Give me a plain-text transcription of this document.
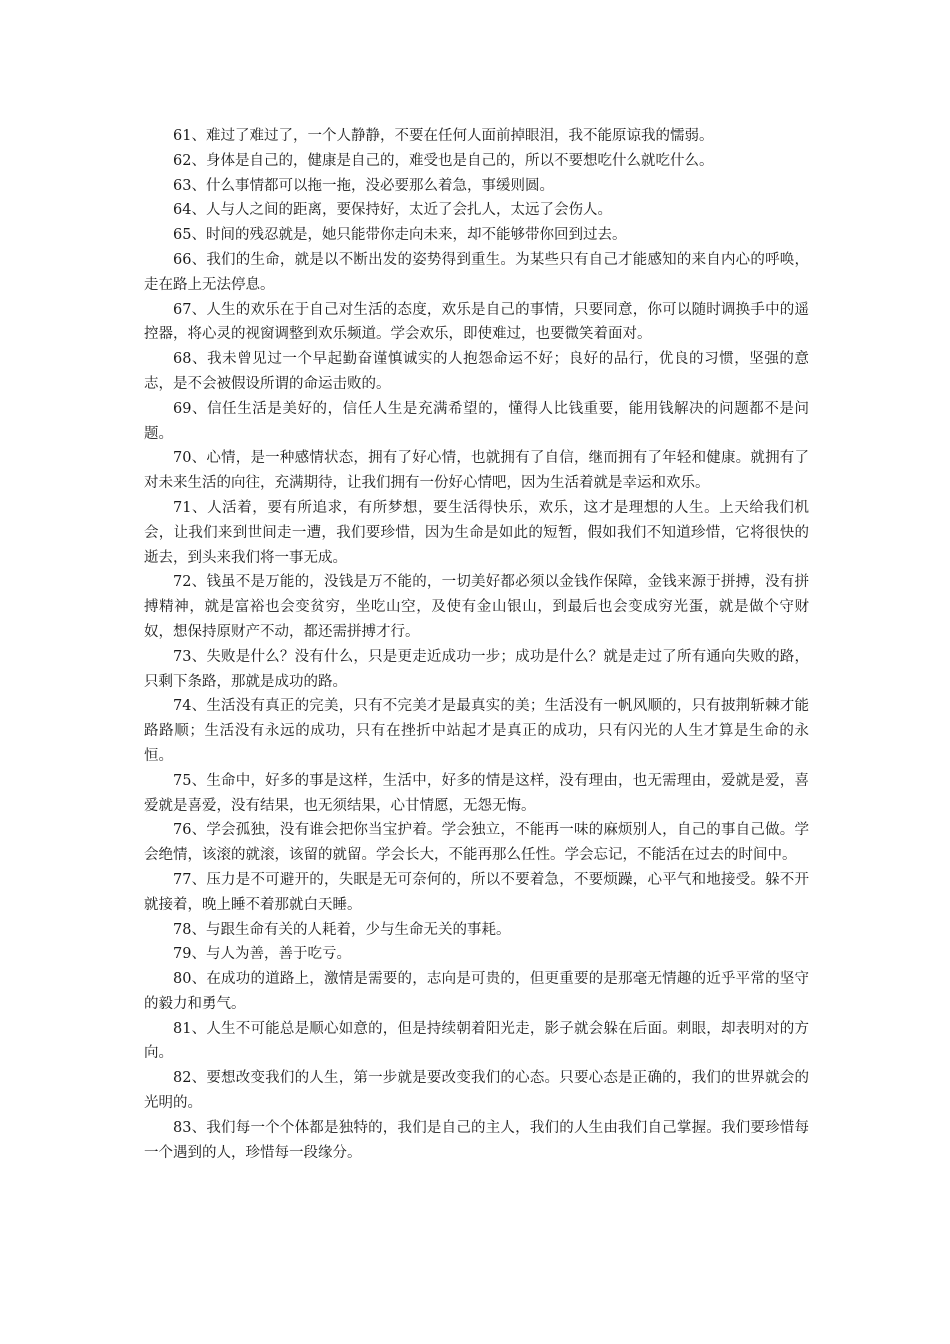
61、难过了难过了，一个人静静，不要在任何人面前掉眼泪，我不能原谅我的懦弱。

62、身体是自己的，健康是自己的，难受也是自己的，所以不要想吃什么就吃什么。

63、什么事情都可以拖一拖，没必要那么着急，事缓则圆。

64、人与人之间的距离，要保持好，太近了会扎人，太远了会伤人。

65、时间的残忍就是，她只能带你走向未来，却不能够带你回到过去。

66、我们的生命，就是以不断出发的姿势得到重生。为某些只有自己才能感知的来自内心的呼唤，走在路上无法停息。

67、人生的欢乐在于自己对生活的态度，欢乐是自己的事情，只要同意，你可以随时调换手中的遥控器，将心灵的视窗调整到欢乐频道。学会欢乐，即使难过，也要微笑着面对。

68、我未曾见过一个早起勤奋谨慎诚实的人抱怨命运不好；良好的品行，优良的习惯，坚强的意志，是不会被假设所谓的命运击败的。

69、信任生活是美好的，信任人生是充满希望的，懂得人比钱重要，能用钱解决的问题都不是问题。

70、心情，是一种感情状态，拥有了好心情，也就拥有了自信，继而拥有了年轻和健康。就拥有了对未来生活的向往，充满期待，让我们拥有一份好心情吧，因为生活着就是幸运和欢乐。

71、人活着，要有所追求，有所梦想，要生活得快乐，欢乐，这才是理想的人生。上天给我们机会，让我们来到世间走一遭，我们要珍惜，因为生命是如此的短暂，假如我们不知道珍惜，它将很快的逝去，到头来我们将一事无成。

72、钱虽不是万能的，没钱是万不能的，一切美好都必须以金钱作保障，金钱来源于拼搏，没有拼搏精神，就是富裕也会变贫穷，坐吃山空，及使有金山银山，到最后也会变成穷光蛋，就是做个守财奴，想保持原财产不动，都还需拼搏才行。

73、失败是什么？没有什么，只是更走近成功一步；成功是什么？就是走过了所有通向失败的路，只剩下条路，那就是成功的路。

74、生活没有真正的完美，只有不完美才是最真实的美；生活没有一帆风顺的，只有披荆斩棘才能路路顺；生活没有永远的成功，只有在挫折中站起才是真正的成功，只有闪光的人生才算是生命的永恒。

75、生命中，好多的事是这样，生活中，好多的情是这样，没有理由，也无需理由，爱就是爱，喜爱就是喜爱，没有结果，也无须结果，心甘情愿，无怨无悔。

76、学会孤独，没有谁会把你当宝护着。学会独立，不能再一味的麻烦别人，自己的事自己做。学会绝情，该滚的就滚，该留的就留。学会长大，不能再那么任性。学会忘记，不能活在过去的时间中。

77、压力是不可避开的，失眠是无可奈何的，所以不要着急，不要烦躁，心平气和地接受。躲不开就接着，晚上睡不着那就白天睡。

78、与跟生命有关的人耗着，少与生命无关的事耗。

79、与人为善，善于吃亏。

80、在成功的道路上，激情是需要的，志向是可贵的，但更重要的是那毫无情趣的近乎平常的坚守的毅力和勇气。

81、人生不可能总是顺心如意的，但是持续朝着阳光走，影子就会躲在后面。刺眼，却表明对的方向。

82、要想改变我们的人生，第一步就是要改变我们的心态。只要心态是正确的，我们的世界就会的光明的。

83、我们每一个个体都是独特的，我们是自己的主人，我们的人生由我们自己掌握。我们要珍惜每一个遇到的人，珍惜每一段缘分。
